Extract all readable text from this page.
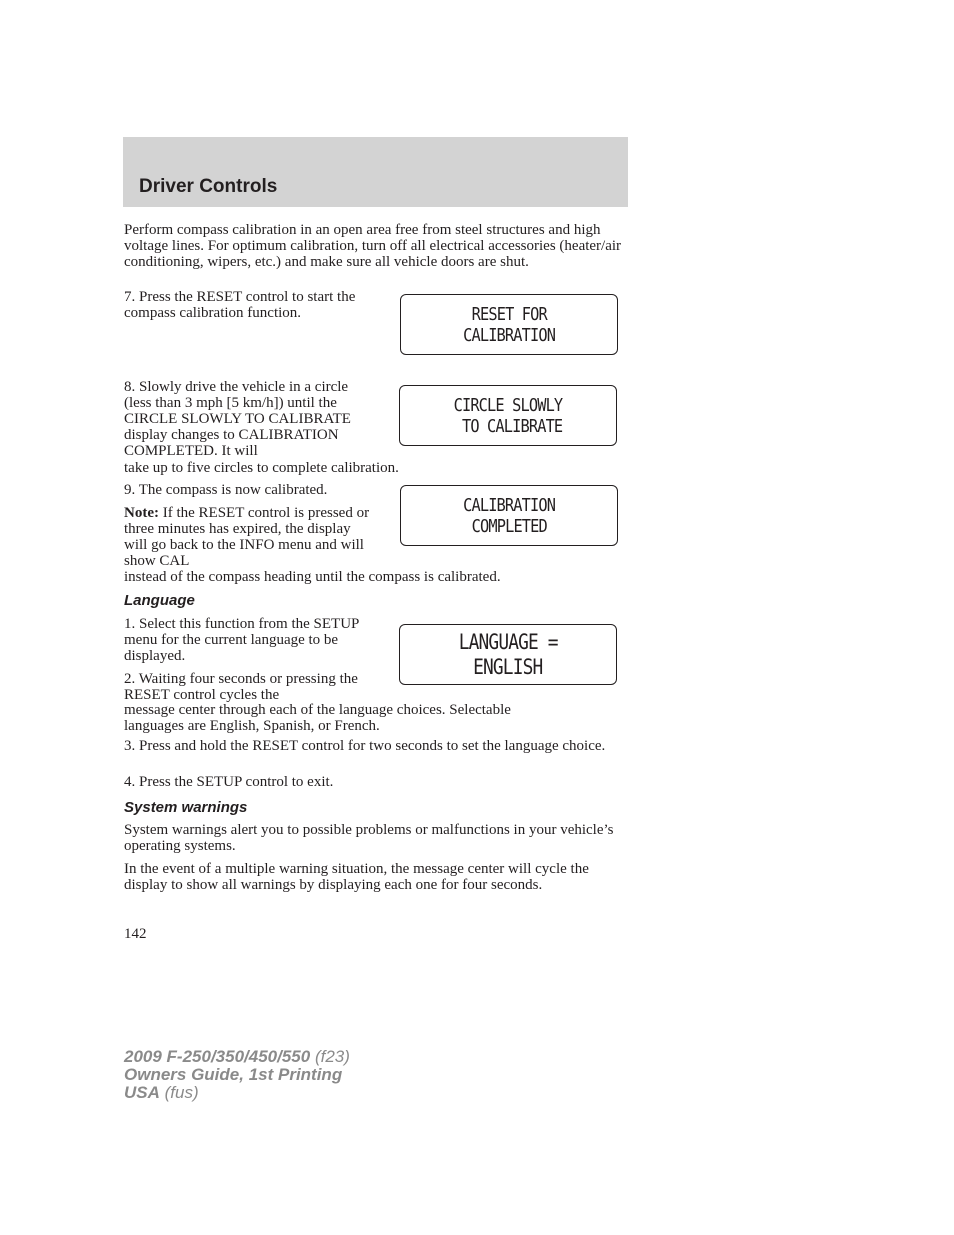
Driver Controls

Perform compass calibration in an open area free from steel structures and high voltage lines. For optimum calibration, turn off all electrical accessories (heater/air conditioning, wipers, etc.) and make sure all vehicle doors are shut.

7. Press the RESET control to start the compass calibration function.	RESET FOR
CALIBRATION

8. Slowly drive the vehicle in a circle (less than 3 mph [5 km/h]) until the CIRCLE SLOWLY TO CALIBRATE display changes to CALIBRATION COMPLETED. It will

take up to five circles to complete calibration.

CIRCLE SLOWLY
TO CALIBRATE

9. The compass is now calibrated.

Note: If the RESET control is pressed or three minutes has expired, the display will go back to the INFO menu and will show CAL

instead of the compass heading until the compass is calibrated.

CALIBRATION
COMPLETED
Language

1. Select this function from the SETUP menu for the current language to be displayed.

2. Waiting four seconds or pressing the RESET control cycles the

message center through each of the language choices. Selectable languages are English, Spanish, or French.

LANGUAGE =
ENGLISH

3. Press and hold the RESET control for two seconds to set the language choice.

4. Press the SETUP control to exit.

System warnings

System warnings alert you to possible problems or malfunctions in your vehicle’s operating systems.

In the event of a multiple warning situation, the message center will cycle the display to show all warnings by displaying each one for four seconds.

142

2009 F-250/350/450/550 (f23)
Owners Guide, 1st Printing
USA (fus)
